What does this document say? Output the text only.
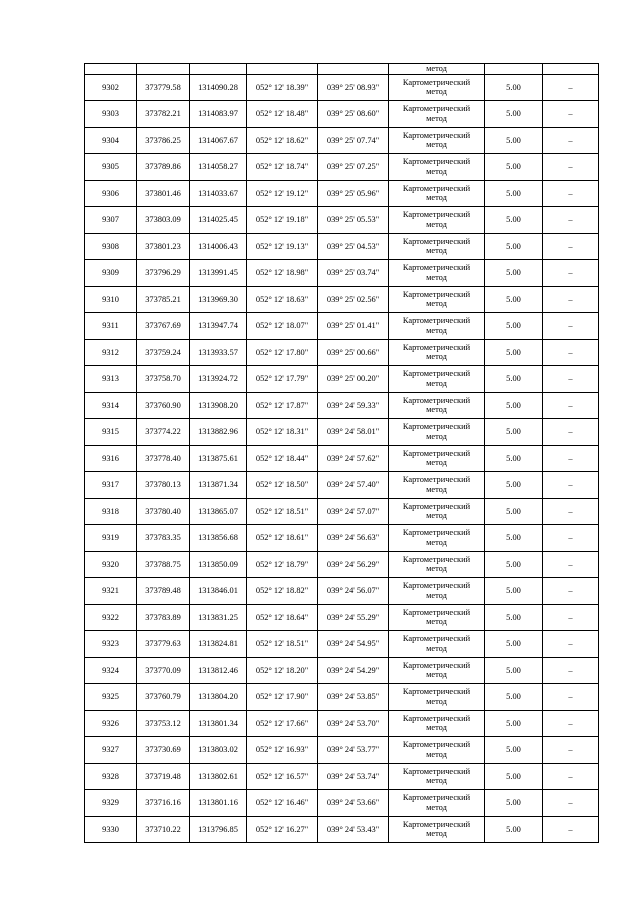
					метод		
9302	373779.58	1314090.28	052° 12' 18.39"	039° 25' 08.93"	Картометрический
метод	5.00	–
9303	373782.21	1314083.97	052° 12' 18.48"	039° 25' 08.60"	Картометрический
метод	5.00	–
9304	373786.25	1314067.67	052° 12' 18.62"	039° 25' 07.74"	Картометрический
метод	5.00	–
9305	373789.86	1314058.27	052° 12' 18.74"	039° 25' 07.25"	Картометрический
метод	5.00	–
9306	373801.46	1314033.67	052° 12' 19.12"	039° 25' 05.96"	Картометрический
метод	5.00	–
9307	373803.09	1314025.45	052° 12' 19.18"	039° 25' 05.53"	Картометрический
метод	5.00	–
9308	373801.23	1314006.43	052° 12' 19.13"	039° 25' 04.53"	Картометрический
метод	5.00	–
9309	373796.29	1313991.45	052° 12' 18.98"	039° 25' 03.74"	Картометрический
метод	5.00	–
9310	373785.21	1313969.30	052° 12' 18.63"	039° 25' 02.56"	Картометрический
метод	5.00	–
9311	373767.69	1313947.74	052° 12' 18.07"	039° 25' 01.41"	Картометрический
метод	5.00	–
9312	373759.24	1313933.57	052° 12' 17.80"	039° 25' 00.66"	Картометрический
метод	5.00	–
9313	373758.70	1313924.72	052° 12' 17.79"	039° 25' 00.20"	Картометрический
метод	5.00	–
9314	373760.90	1313908.20	052° 12' 17.87"	039° 24' 59.33"	Картометрический
метод	5.00	–
9315	373774.22	1313882.96	052° 12' 18.31"	039° 24' 58.01"	Картометрический
метод	5.00	–
9316	373778.40	1313875.61	052° 12' 18.44"	039° 24' 57.62"	Картометрический
метод	5.00	–
9317	373780.13	1313871.34	052° 12' 18.50"	039° 24' 57.40"	Картометрический
метод	5.00	–
9318	373780.40	1313865.07	052° 12' 18.51"	039° 24' 57.07"	Картометрический
метод	5.00	–
9319	373783.35	1313856.68	052° 12' 18.61"	039° 24' 56.63"	Картометрический
метод	5.00	–
9320	373788.75	1313850.09	052° 12' 18.79"	039° 24' 56.29"	Картометрический
метод	5.00	–
9321	373789.48	1313846.01	052° 12' 18.82"	039° 24' 56.07"	Картометрический
метод	5.00	–
9322	373783.89	1313831.25	052° 12' 18.64"	039° 24' 55.29"	Картометрический
метод	5.00	–
9323	373779.63	1313824.81	052° 12' 18.51"	039° 24' 54.95"	Картометрический
метод	5.00	–
9324	373770.09	1313812.46	052° 12' 18.20"	039° 24' 54.29"	Картометрический
метод	5.00	–
9325	373760.79	1313804.20	052° 12' 17.90"	039° 24' 53.85"	Картометрический
метод	5.00	–
9326	373753.12	1313801.34	052° 12' 17.66"	039° 24' 53.70"	Картометрический
метод	5.00	–
9327	373730.69	1313803.02	052° 12' 16.93"	039° 24' 53.77"	Картометрический
метод	5.00	–
9328	373719.48	1313802.61	052° 12' 16.57"	039° 24' 53.74"	Картометрический
метод	5.00	–
9329	373716.16	1313801.16	052° 12' 16.46"	039° 24' 53.66"	Картометрический
метод	5.00	–
9330	373710.22	1313796.85	052° 12' 16.27"	039° 24' 53.43"	Картометрический
метод	5.00	–
